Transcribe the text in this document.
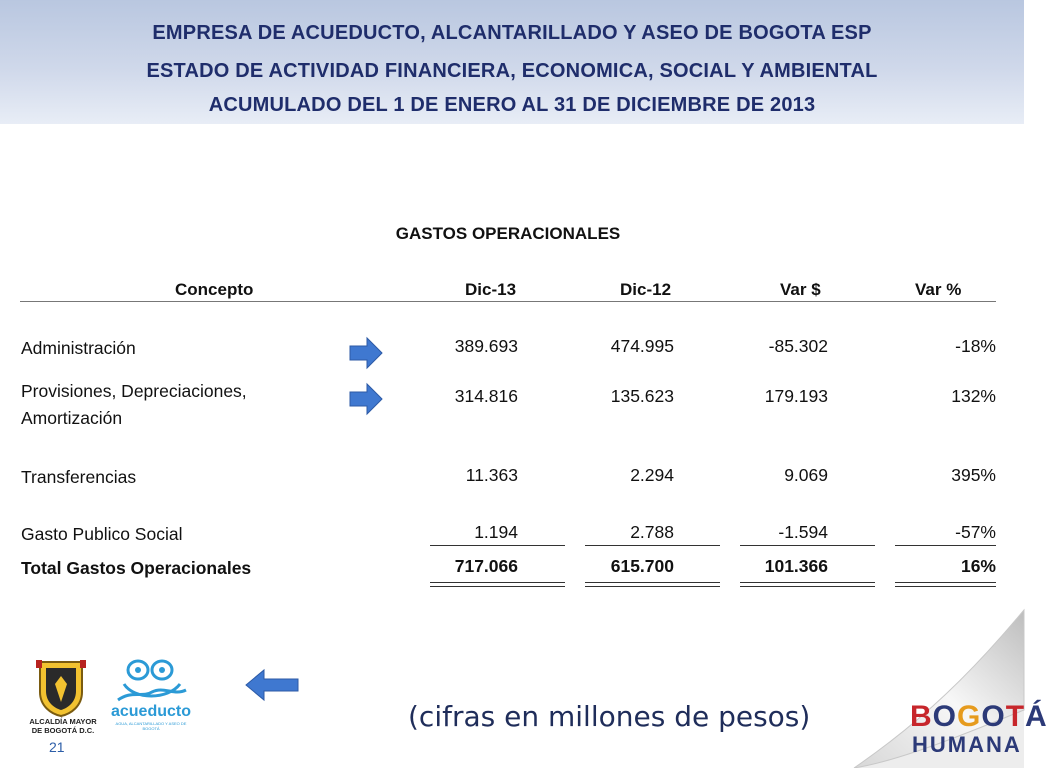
EMPRESA DE ACUEDUCTO, ALCANTARILLADO Y ASEO DE BOGOTA ESP
ESTADO DE ACTIVIDAD FINANCIERA, ECONOMICA, SOCIAL Y AMBIENTAL
ACUMULADO DEL 1 DE ENERO AL 31 DE DICIEMBRE DE 2013
GASTOS OPERACIONALES
Concepto	Dic-13	Dic-12	Var $	Var %
Administración	389.693	474.995	-85.302	-18%
Provisiones, Depreciaciones,
Amortización
314.816	135.623	179.193	132%
Transferencias	11.363	2.294	9.069	395%
Gasto Publico Social	1.194	2.788	-1.594	-57%
Total Gastos Operacionales	717.066	615.700	101.366	16%
ALCALDÍA MAYOR
DE BOGOTÁ D.C.
acueducto
AGUA, ALCANTARILLADO Y ASEO DE BOGOTÁ	(cifras en millones de pesos)
21
BOGOTÁ
HUMANA
